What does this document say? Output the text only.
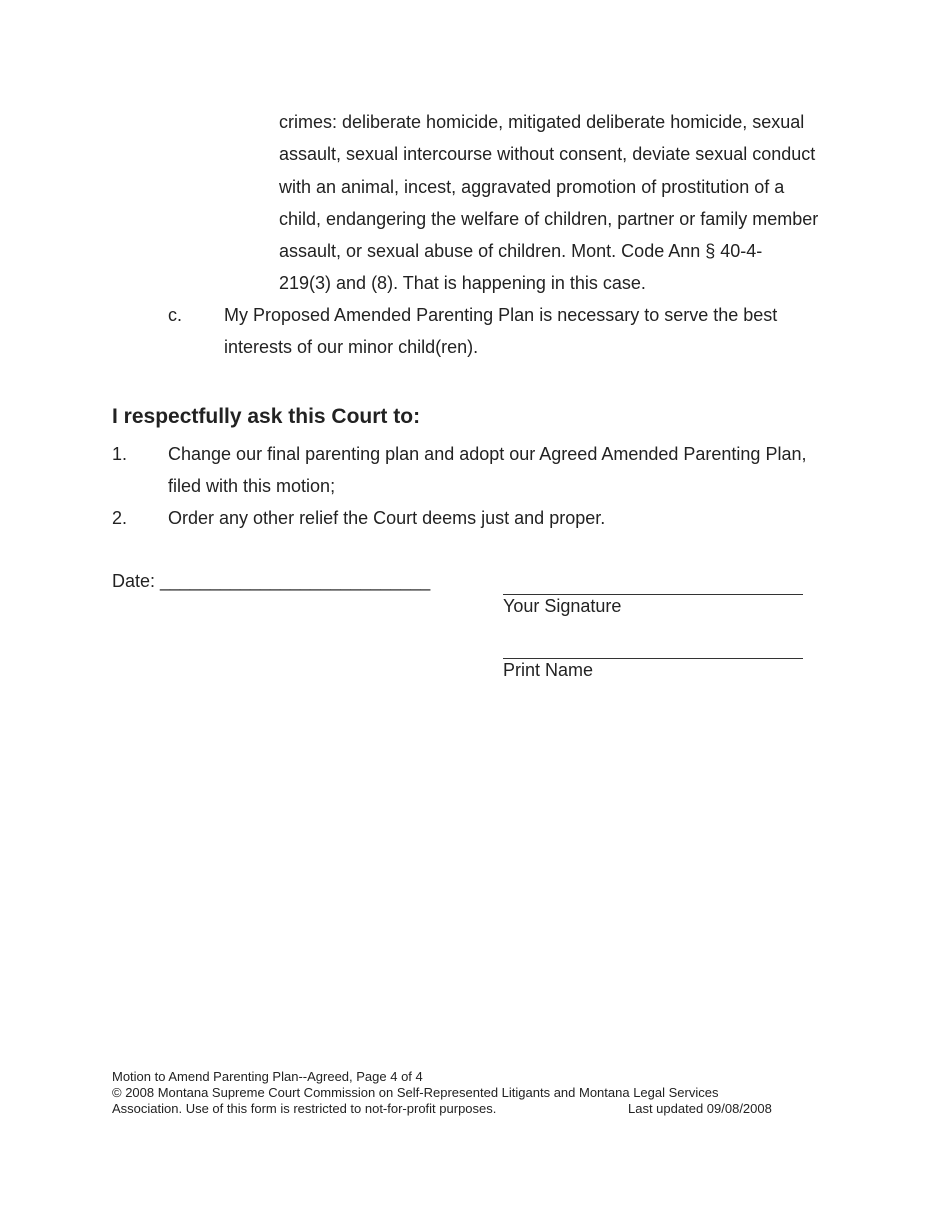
crimes: deliberate homicide, mitigated deliberate homicide, sexual
assault, sexual intercourse without consent, deviate sexual conduct
with an animal, incest, aggravated promotion of prostitution of a
child, endangering the welfare of children, partner or family member
assault, or sexual abuse of children. Mont. Code Ann § 40-4-
219(3) and (8). That is happening in this case.
c. My Proposed Amended Parenting Plan is necessary to serve the best
interests of our minor child(ren).
I respectfully ask this Court to:
1. Change our final parenting plan and adopt our Agreed Amended Parenting Plan,
filed with this motion;
2. Order any other relief the Court deems just and proper.
Date: ___________________________
Your Signature
Print Name
Motion to Amend Parenting Plan--Agreed, Page 4 of 4
© 2008 Montana Supreme Court Commission on Self-Represented Litigants and Montana Legal Services
Association. Use of this form is restricted to not-for-profit purposes.	Last updated 09/08/2008
